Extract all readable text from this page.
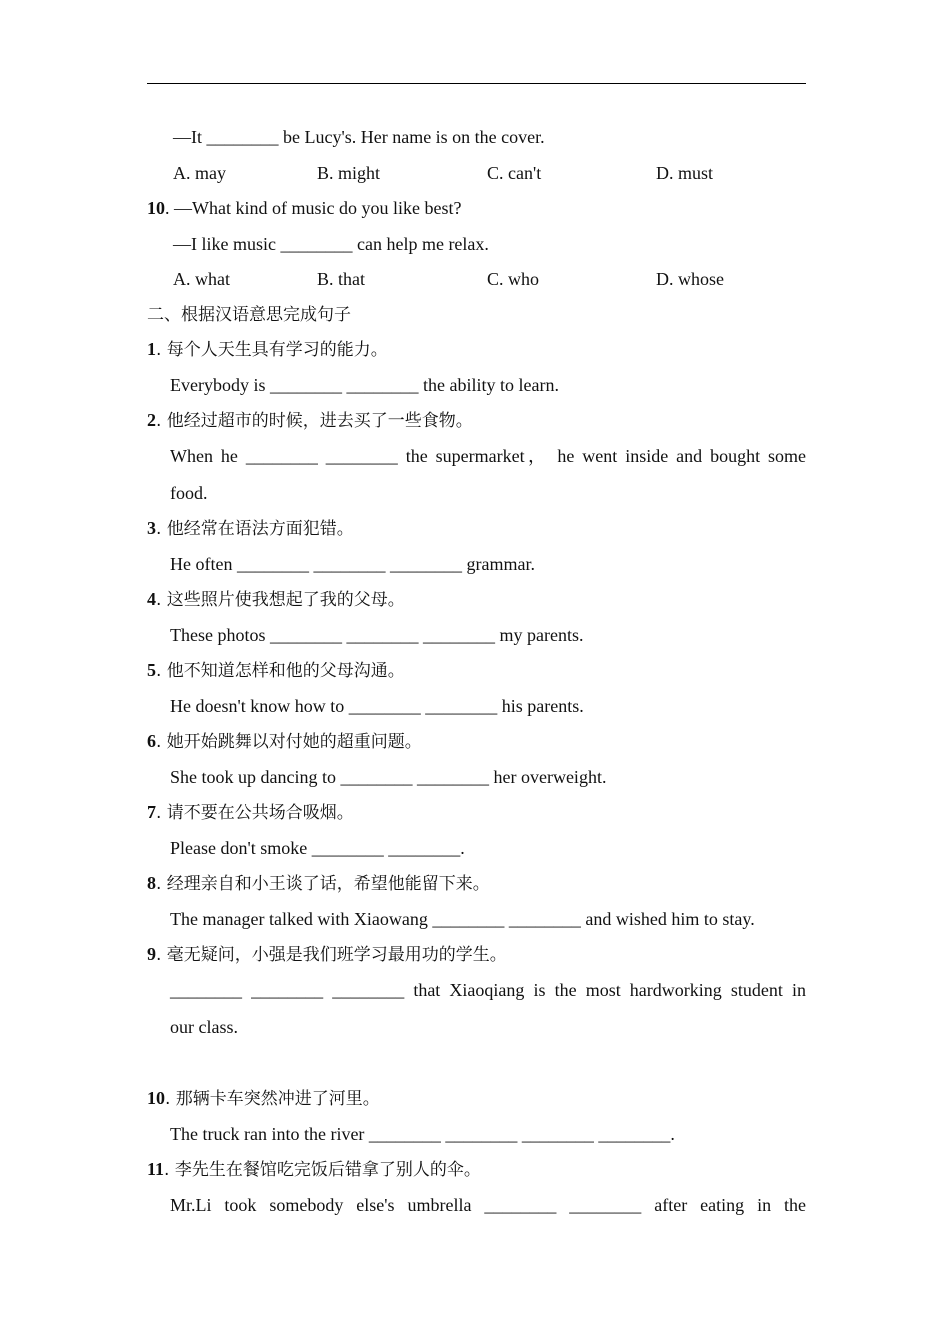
—It ________ be Lucy's. Her name is on the cover.
A. may	B. might	C. can't	D. must
10. —What kind of music do you like best?
—I like music ________ can help me relax.
A. what	B. that	C. who	D. whose
二、根据汉语意思完成句子
1. 每个人天生具有学习的能力。
Everybody is ________ ________ the ability to learn.
2. 他经过超市的时候，进去买了一些食物。
When he ________ ________ the supermarket， he went inside and bought some
food.
3. 他经常在语法方面犯错。
He often ________ ________ ________ grammar.
4. 这些照片使我想起了我的父母。
These photos ________ ________ ________ my parents.
5. 他不知道怎样和他的父母沟通。
He doesn't know how to ________ ________ his parents.
6. 她开始跳舞以对付她的超重问题。
She took up dancing to ________ ________ her overweight.
7. 请不要在公共场合吸烟。
Please don't smoke ________ ________.
8. 经理亲自和小王谈了话，希望他能留下来。
The manager talked with Xiaowang ________ ________ and wished him to stay.
9. 毫无疑问，小强是我们班学习最用功的学生。
________ ________ ________ that Xiaoqiang is the most hardworking student in
our class.
10. 那辆卡车突然冲进了河里。
The truck ran into the river ________ ________ ________ ________.
11. 李先生在餐馆吃完饭后错拿了别人的伞。
Mr.Li took somebody else's umbrella ________ ________ after eating in the
